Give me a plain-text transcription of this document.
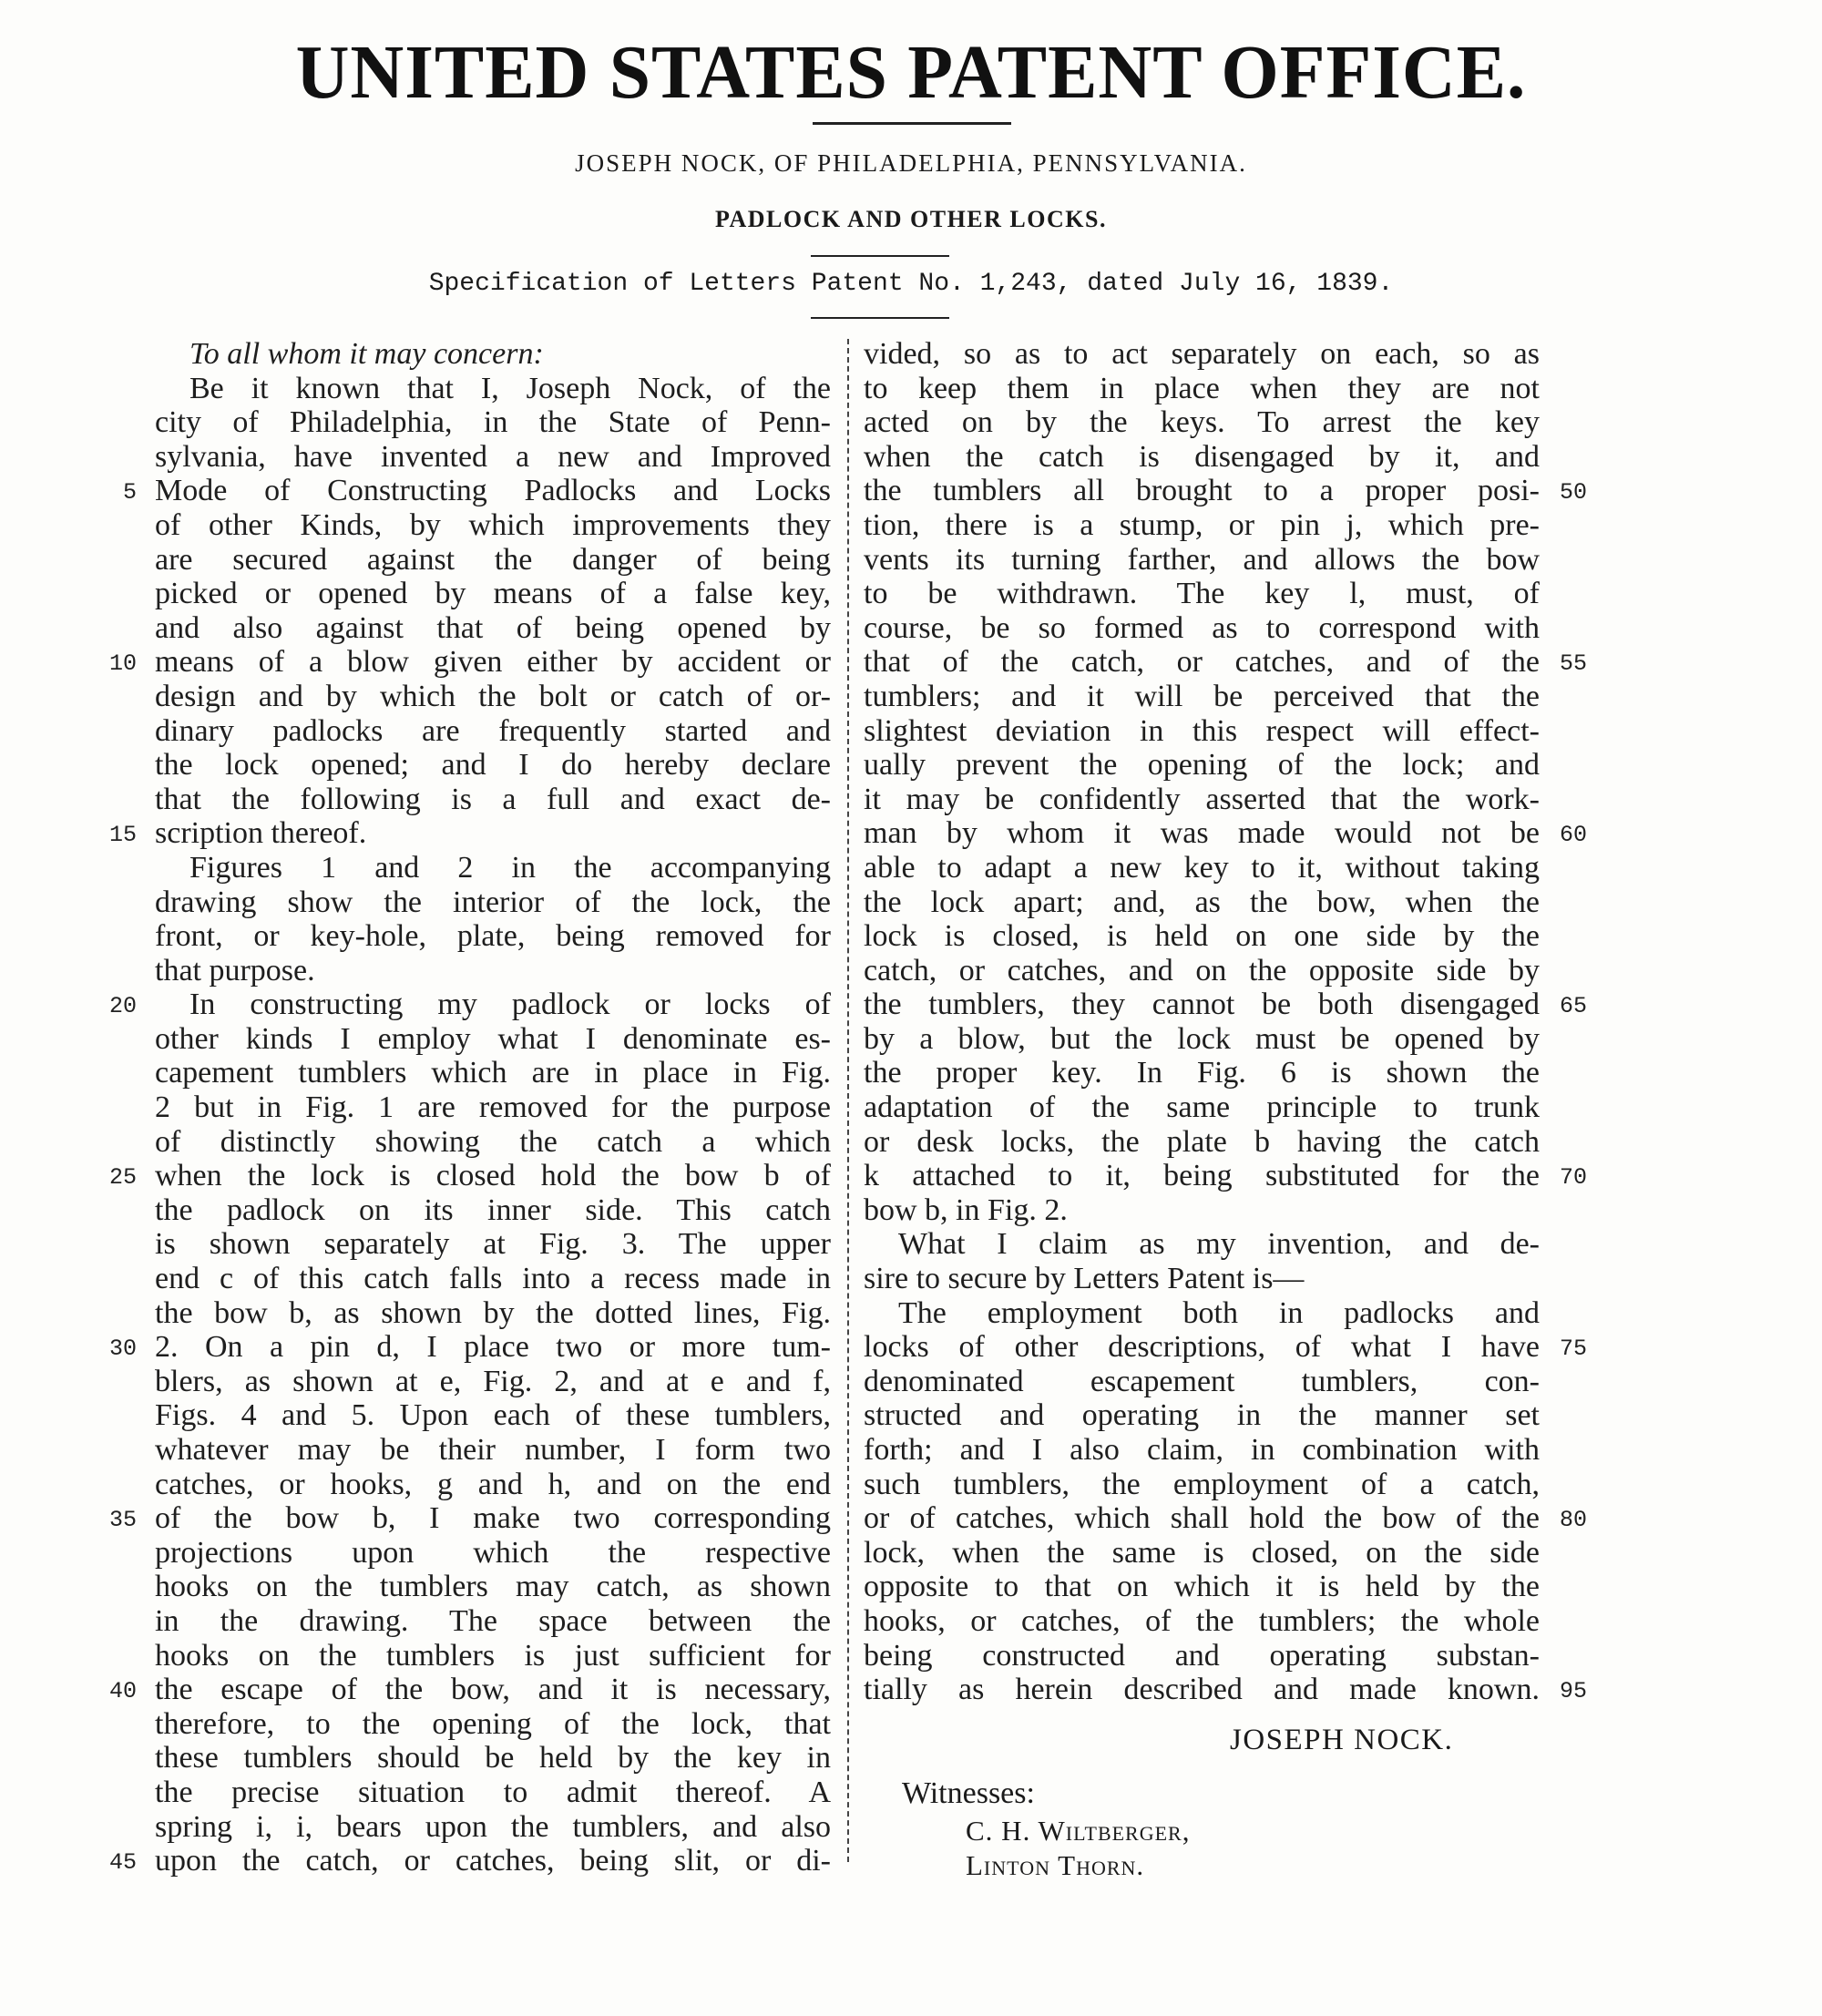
UNITED STATES PATENT OFFICE.
JOSEPH NOCK, OF PHILADELPHIA, PENNSYLVANIA.
PADLOCK AND OTHER LOCKS.
Specification of Letters Patent No. 1,243, dated July 16, 1839.
To all whom it may concern:
Be it known that I, Joseph Nock, of the
city of Philadelphia, in the State of Penn-
sylvania, have invented a new and Improved
Mode of Constructing Padlocks and Locks
of other Kinds, by which improvements they
are secured against the danger of being
picked or opened by means of a false key,
and also against that of being opened by
means of a blow given either by accident or
design and by which the bolt or catch of or-
dinary padlocks are frequently started and
the lock opened; and I do hereby declare
that the following is a full and exact de-
scription thereof.
Figures 1 and 2 in the accompanying
drawing show the interior of the lock, the
front, or key-hole, plate, being removed for
that purpose.
In constructing my padlock or locks of
other kinds I employ what I denominate es-
capement tumblers which are in place in Fig.
2 but in Fig. 1 are removed for the purpose
of distinctly showing the catch a which
when the lock is closed hold the bow b of
the padlock on its inner side. This catch
is shown separately at Fig. 3. The upper
end c of this catch falls into a recess made in
the bow b, as shown by the dotted lines, Fig.
2. On a pin d, I place two or more tum-
blers, as shown at e, Fig. 2, and at e and f,
Figs. 4 and 5. Upon each of these tumblers,
whatever may be their number, I form two
catches, or hooks, g and h, and on the end
of the bow b, I make two corresponding
projections upon which the respective
hooks on the tumblers may catch, as shown
in the drawing. The space between the
hooks on the tumblers is just sufficient for
the escape of the bow, and it is necessary,
therefore, to the opening of the lock, that
these tumblers should be held by the key in
the precise situation to admit thereof. A
spring i, i, bears upon the tumblers, and also
upon the catch, or catches, being slit, or di-
vided, so as to act separately on each, so as
to keep them in place when they are not
acted on by the keys. To arrest the key
when the catch is disengaged by it, and
the tumblers all brought to a proper posi-
tion, there is a stump, or pin j, which pre-
vents its turning farther, and allows the bow
to be withdrawn. The key l, must, of
course, be so formed as to correspond with
that of the catch, or catches, and of the
tumblers; and it will be perceived that the
slightest deviation in this respect will effect-
ually prevent the opening of the lock; and
it may be confidently asserted that the work-
man by whom it was made would not be
able to adapt a new key to it, without taking
the lock apart; and, as the bow, when the
lock is closed, is held on one side by the
catch, or catches, and on the opposite side by
the tumblers, they cannot be both disengaged
by a blow, but the lock must be opened by
the proper key. In Fig. 6 is shown the
adaptation of the same principle to trunk
or desk locks, the plate b having the catch
k attached to it, being substituted for the
bow b, in Fig. 2.
What I claim as my invention, and de-
sire to secure by Letters Patent is—
The employment both in padlocks and
locks of other descriptions, of what I have
denominated escapement tumblers, con-
structed and operating in the manner set
forth; and I also claim, in combination with
such tumblers, the employment of a catch,
or of catches, which shall hold the bow of the
lock, when the same is closed, on the side
opposite to that on which it is held by the
hooks, or catches, of the tumblers; the whole
being constructed and operating substan-
tially as herein described and made known.
5
10
15
20
25
30
35
40
45
50
55
60
65
70
75
80
95
JOSEPH NOCK.
Witnesses:
C. H. Wiltberger,
Linton Thorn.
